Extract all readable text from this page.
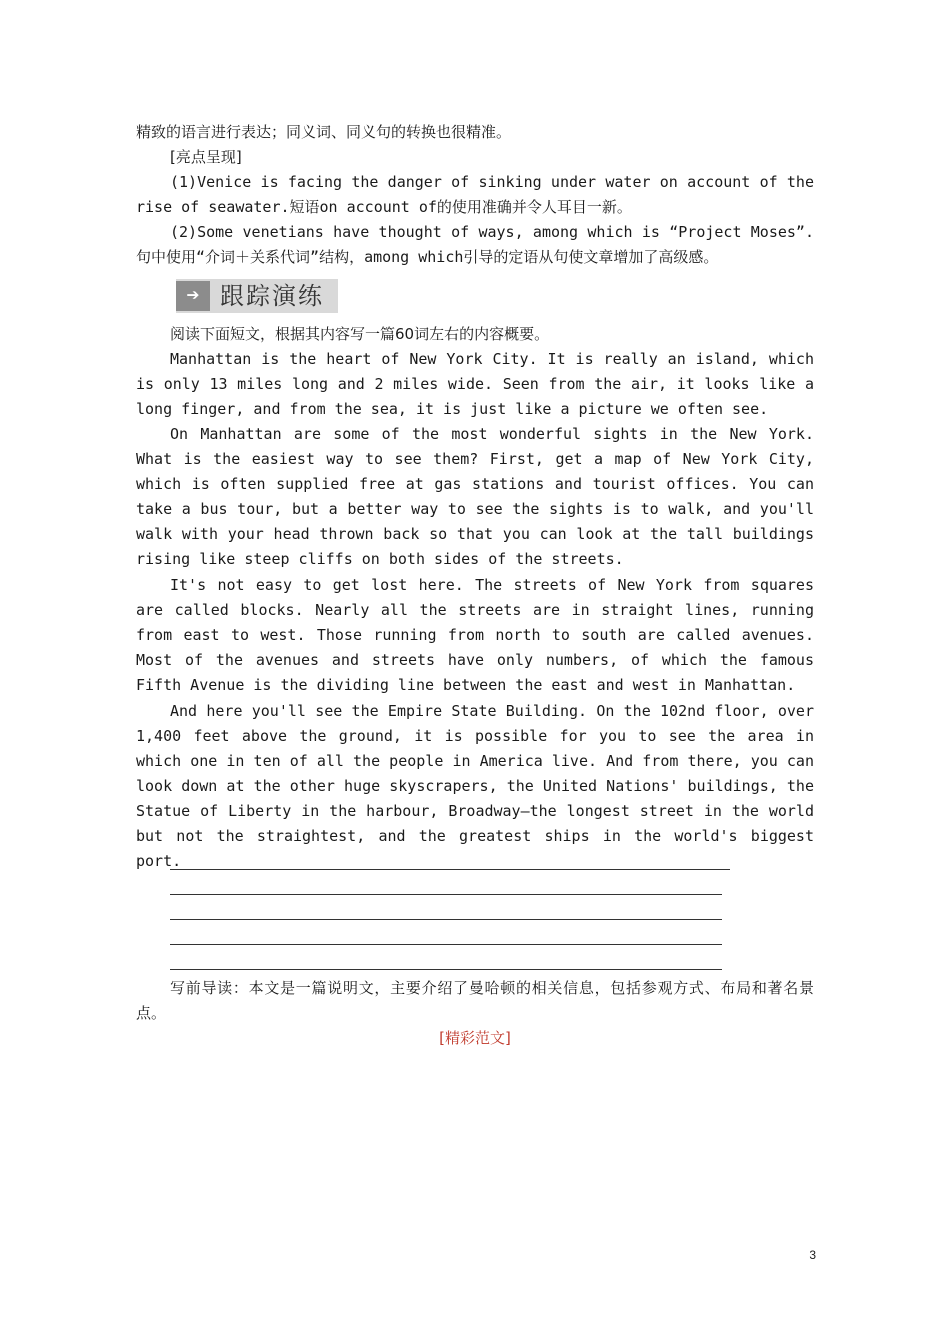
精致的语言进行表达；同义词、同义句的转换也很精准。
[亮点呈现]
(1)Venice is facing the danger of sinking under water on account of the rise of seawater.短语on account of的使用准确并令人耳目一新。
(2)Some venetians have thought of ways, among which is “Project Moses”. 句中使用“介词＋关系代词”结构，among which引导的定语从句使文章增加了高级感。
➔ 跟踪演练
阅读下面短文，根据其内容写一篇60词左右的内容概要。
Manhattan is the heart of New York City. It is really an island, which is only 13 miles long and 2 miles wide. Seen from the air, it looks like a long finger, and from the sea, it is just like a picture we often see.
On Manhattan are some of the most wonderful sights in the New York. What is the easiest way to see them? First, get a map of New York City, which is often supplied free at gas stations and tourist offices. You can take a bus tour, but a better way to see the sights is to walk, and you'll walk with your head thrown back so that you can look at the tall buildings rising like steep cliffs on both sides of the streets.
It's not easy to get lost here. The streets of New York from squares are called blocks. Nearly all the streets are in straight lines, running from east to west. Those running from north to south are called avenues. Most of the avenues and streets have only numbers, of which the famous Fifth Avenue is the dividing line between the east and west in Manhattan.
And here you'll see the Empire State Building. On the 102nd floor, over 1,400 feet above the ground, it is possible for you to see the area in which one in ten of all the people in America live. And from there, you can look down at the other huge skyscrapers, the United Nations' buildings, the Statue of Liberty in the harbour, Broadway—the longest street in the world but not the straightest, and the greatest ships in the world's biggest port.
写前导读：本文是一篇说明文，主要介绍了曼哈顿的相关信息，包括参观方式、布局和著名景点。
[精彩范文]
3
